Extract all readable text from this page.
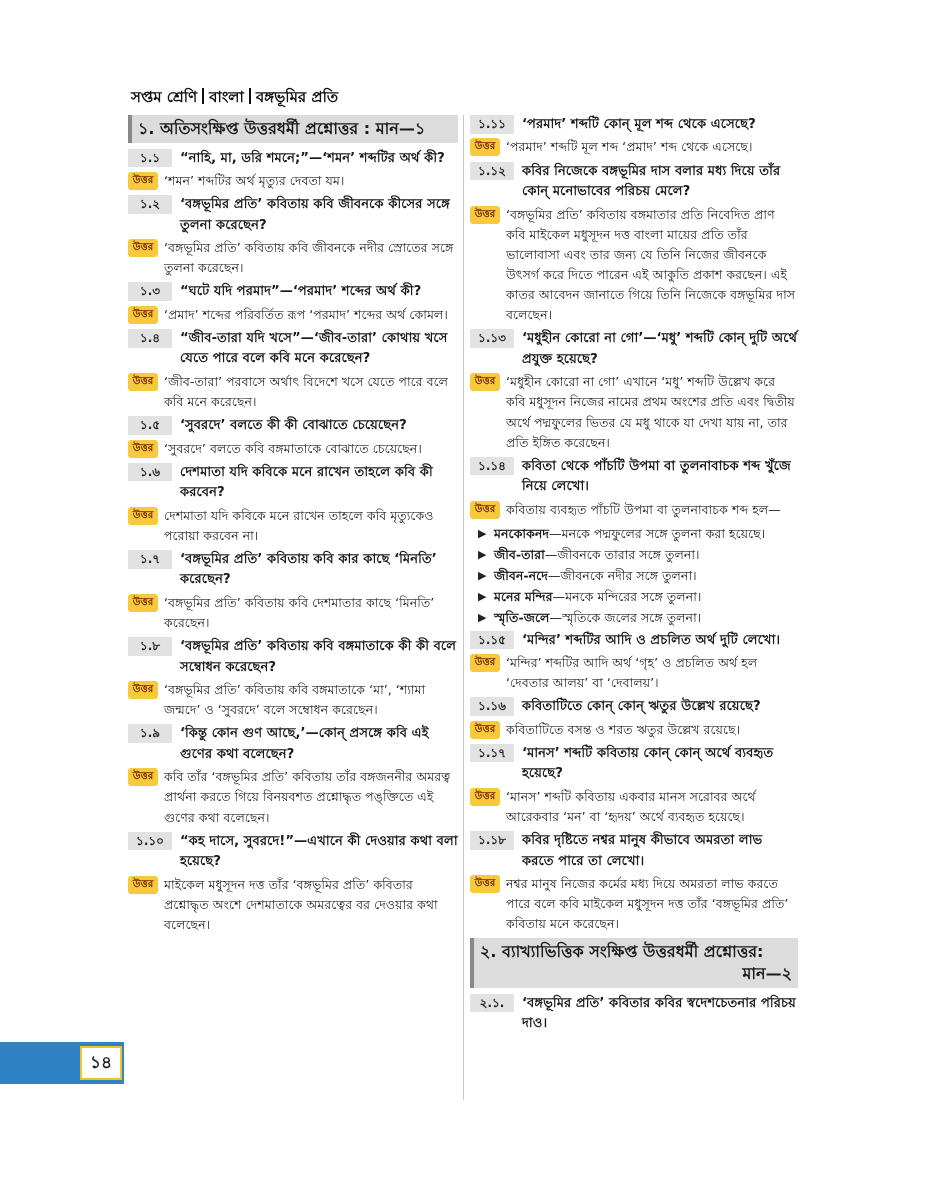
সপ্তম শ্রেণি বাংলা বঙ্গভূমির প্রতি
১. অতিসংক্ষিপ্ত উত্তরধর্মী প্রশ্নোত্তর : মান—১
১.১	“নাহি, মা, ডরি শমনে;”—‘শমন’ শব্দটির অর্থ কী?
উত্তর ‘শমন’ শব্দটির অর্থ মৃত্যুর দেবতা যম।
১.২	‘বঙ্গভূমির প্রতি’ কবিতায় কবি জীবনকে কীসের সঙ্গে তুলনা করেছেন?
উত্তর ‘বঙ্গভূমির প্রতি’ কবিতায় কবি জীবনকে নদীর স্রোতের সঙ্গে তুলনা করেছেন।
১.৩	“ঘটে যদি পরমাদ”—‘পরমাদ’ শব্দের অর্থ কী?
উত্তর ‘প্রমাদ’ শব্দের পরিবর্তিত রূপ ‘পরমাদ’ শব্দের অর্থ কোমল।
১.৪	“জীব-তারা যদি খসে”—‘জীব-তারা’ কোথায় খসে যেতে পারে বলে কবি মনে করেছেন?
উত্তর ‘জীব-তারা’ পরবাসে অর্থাৎ বিদেশে খসে যেতে পারে বলে কবি মনে করেছেন।
১.৫	‘সুবরদে’ বলতে কী কী বোঝাতে চেয়েছেন?
উত্তর ‘সুবরদে’ বলতে কবি বঙ্গমাতাকে বোঝাতে চেয়েছেন।
১.৬	দেশমাতা যদি কবিকে মনে রাখেন তাহলে কবি কী করবেন?
উত্তর দেশমাতা যদি কবিকে মনে রাখেন তাহলে কবি মৃত্যুকেও পরোয়া করবেন না।
১.৭	‘বঙ্গভূমির প্রতি’ কবিতায় কবি কার কাছে ‘মিনতি’ করেছেন?
উত্তর ‘বঙ্গভূমির প্রতি’ কবিতায় কবি দেশমাতার কাছে ‘মিনতি’ করেছেন।
১.৮	‘বঙ্গভূমির প্রতি’ কবিতায় কবি বঙ্গমাতাকে কী কী বলে সম্বোধন করেছেন?
উত্তর ‘বঙ্গভূমির প্রতি’ কবিতায় কবি বঙ্গমাতাকে ‘মা’, ‘শ্যামা জন্মদে’ ও ‘সুবরদে’ বলে সম্বোধন করেছেন।
১.৯	‘কিন্তু কোন গুণ আছে,’—কোন্ প্রসঙ্গে কবি এই গুণের কথা বলেছেন?
উত্তর কবি তাঁর ‘বঙ্গভূমির প্রতি’ কবিতায় তাঁর বঙ্গজননীর অমরত্ব প্রার্থনা করতে গিয়ে বিনয়বশত প্রশ্নোদ্ধৃত পঙ্‌ক্তিতে এই গুণের কথা বলেছেন।
১.১০	“কহ দাসে, সুবরদে!”—এখানে কী দেওয়ার কথা বলা হয়েছে?
উত্তর মাইকেল মধুসূদন দত্ত তাঁর ‘বঙ্গভূমির প্রতি’ কবিতার প্রশ্নোদ্ধৃত অংশে দেশমাতাকে অমরত্বের বর দেওয়ার কথা বলেছেন।
১.১১	‘পরমাদ’ শব্দটি কোন্ মূল শব্দ থেকে এসেছে?
উত্তর ‘পরমাদ’ শব্দটি মূল শব্দ ‘প্রমাদ’ শব্দ থেকে এসেছে।
১.১২	কবির নিজেকে বঙ্গভূমির দাস বলার মধ্য দিয়ে তাঁর কোন্ মনোভাবের পরিচয় মেলে?
উত্তর ‘বঙ্গভূমির প্রতি’ কবিতায় বঙ্গমাতার প্রতি নিবেদিত প্রাণ কবি মাইকেল মধুসূদন দত্ত বাংলা মায়ের প্রতি তাঁর ভালোবাসা এবং তার জন্য যে তিনি নিজের জীবনকে উৎসর্গ করে দিতে পারেন এই আকুতি প্রকাশ করছেন। এই কাতর আবেদন জানাতে গিয়ে তিনি নিজেকে বঙ্গভূমির দাস বলেছেন।
১.১৩	‘মধুহীন কোরো না গো’—‘মধু’ শব্দটি কোন্ দুটি অর্থে প্রযুক্ত হয়েছে?
উত্তর ‘মধুহীন কোরো না গো’ এখানে ‘মধু’ শব্দটি উল্লেখ করে কবি মধুসূদন নিজের নামের প্রথম অংশের প্রতি এবং দ্বিতীয় অর্থে পদ্মফুলের ভিতর যে মধু থাকে যা দেখা যায় না, তার প্রতি ইঙ্গিত করেছেন।
১.১৪	কবিতা থেকে পাঁচটি উপমা বা তুলনাবাচক শব্দ খুঁজে নিয়ে লেখো।
উত্তর কবিতায় ব্যবহৃত পাঁচটি উপমা বা তুলনাবাচক শব্দ হল—
▶ মনকোকনদ—মনকে পদ্মফুলের সঙ্গে তুলনা করা হয়েছে।
▶ জীব-তারা—জীবনকে তারার সঙ্গে তুলনা।
▶ জীবন-নদে—জীবনকে নদীর সঙ্গে তুলনা।
▶ মনের মন্দির—মনকে মন্দিরের সঙ্গে তুলনা।
▶ স্মৃতি-জলে—স্মৃতিকে জলের সঙ্গে তুলনা।
১.১৫	‘মন্দির’ শব্দটির আদি ও প্রচলিত অর্থ দুটি লেখো।
উত্তর ‘মন্দির’ শব্দটির আদি অর্থ ‘গৃহ’ ও প্রচলিত অর্থ হল ‘দেবতার আলয়’ বা ‘দেবালয়’।
১.১৬	কবিতাটিতে কোন্ কোন্ ঋতুর উল্লেখ রয়েছে?
উত্তর কবিতাটিতে বসন্ত ও শরত ঋতুর উল্লেখ রয়েছে।
১.১৭	‘মানস’ শব্দটি কবিতায় কোন্ কোন্ অর্থে ব্যবহৃত হয়েছে?
উত্তর ‘মানস’ শব্দটি কবিতায় একবার মানস সরোবর অর্থে আরেকবার ‘মন’ বা ‘হৃদয়’ অর্থে ব্যবহৃত হয়েছে।
১.১৮	কবির দৃষ্টিতে নশ্বর মানুষ কীভাবে অমরতা লাভ করতে পারে তা লেখো।
উত্তর নশ্বর মানুষ নিজের কর্মের মধ্য দিয়ে অমরতা লাভ করতে পারে বলে কবি মাইকেল মধুসূদন দত্ত তাঁর ‘বঙ্গভূমির প্রতি’ কবিতায় মনে করেছেন।
২. ব্যাখ্যাভিত্তিক সংক্ষিপ্ত উত্তরধর্মী প্রশ্নোত্তর:
মান—২
২.১.	‘বঙ্গভূমির প্রতি’ কবিতার কবির স্বদেশচেতনার পরিচয় দাও।
১৪
